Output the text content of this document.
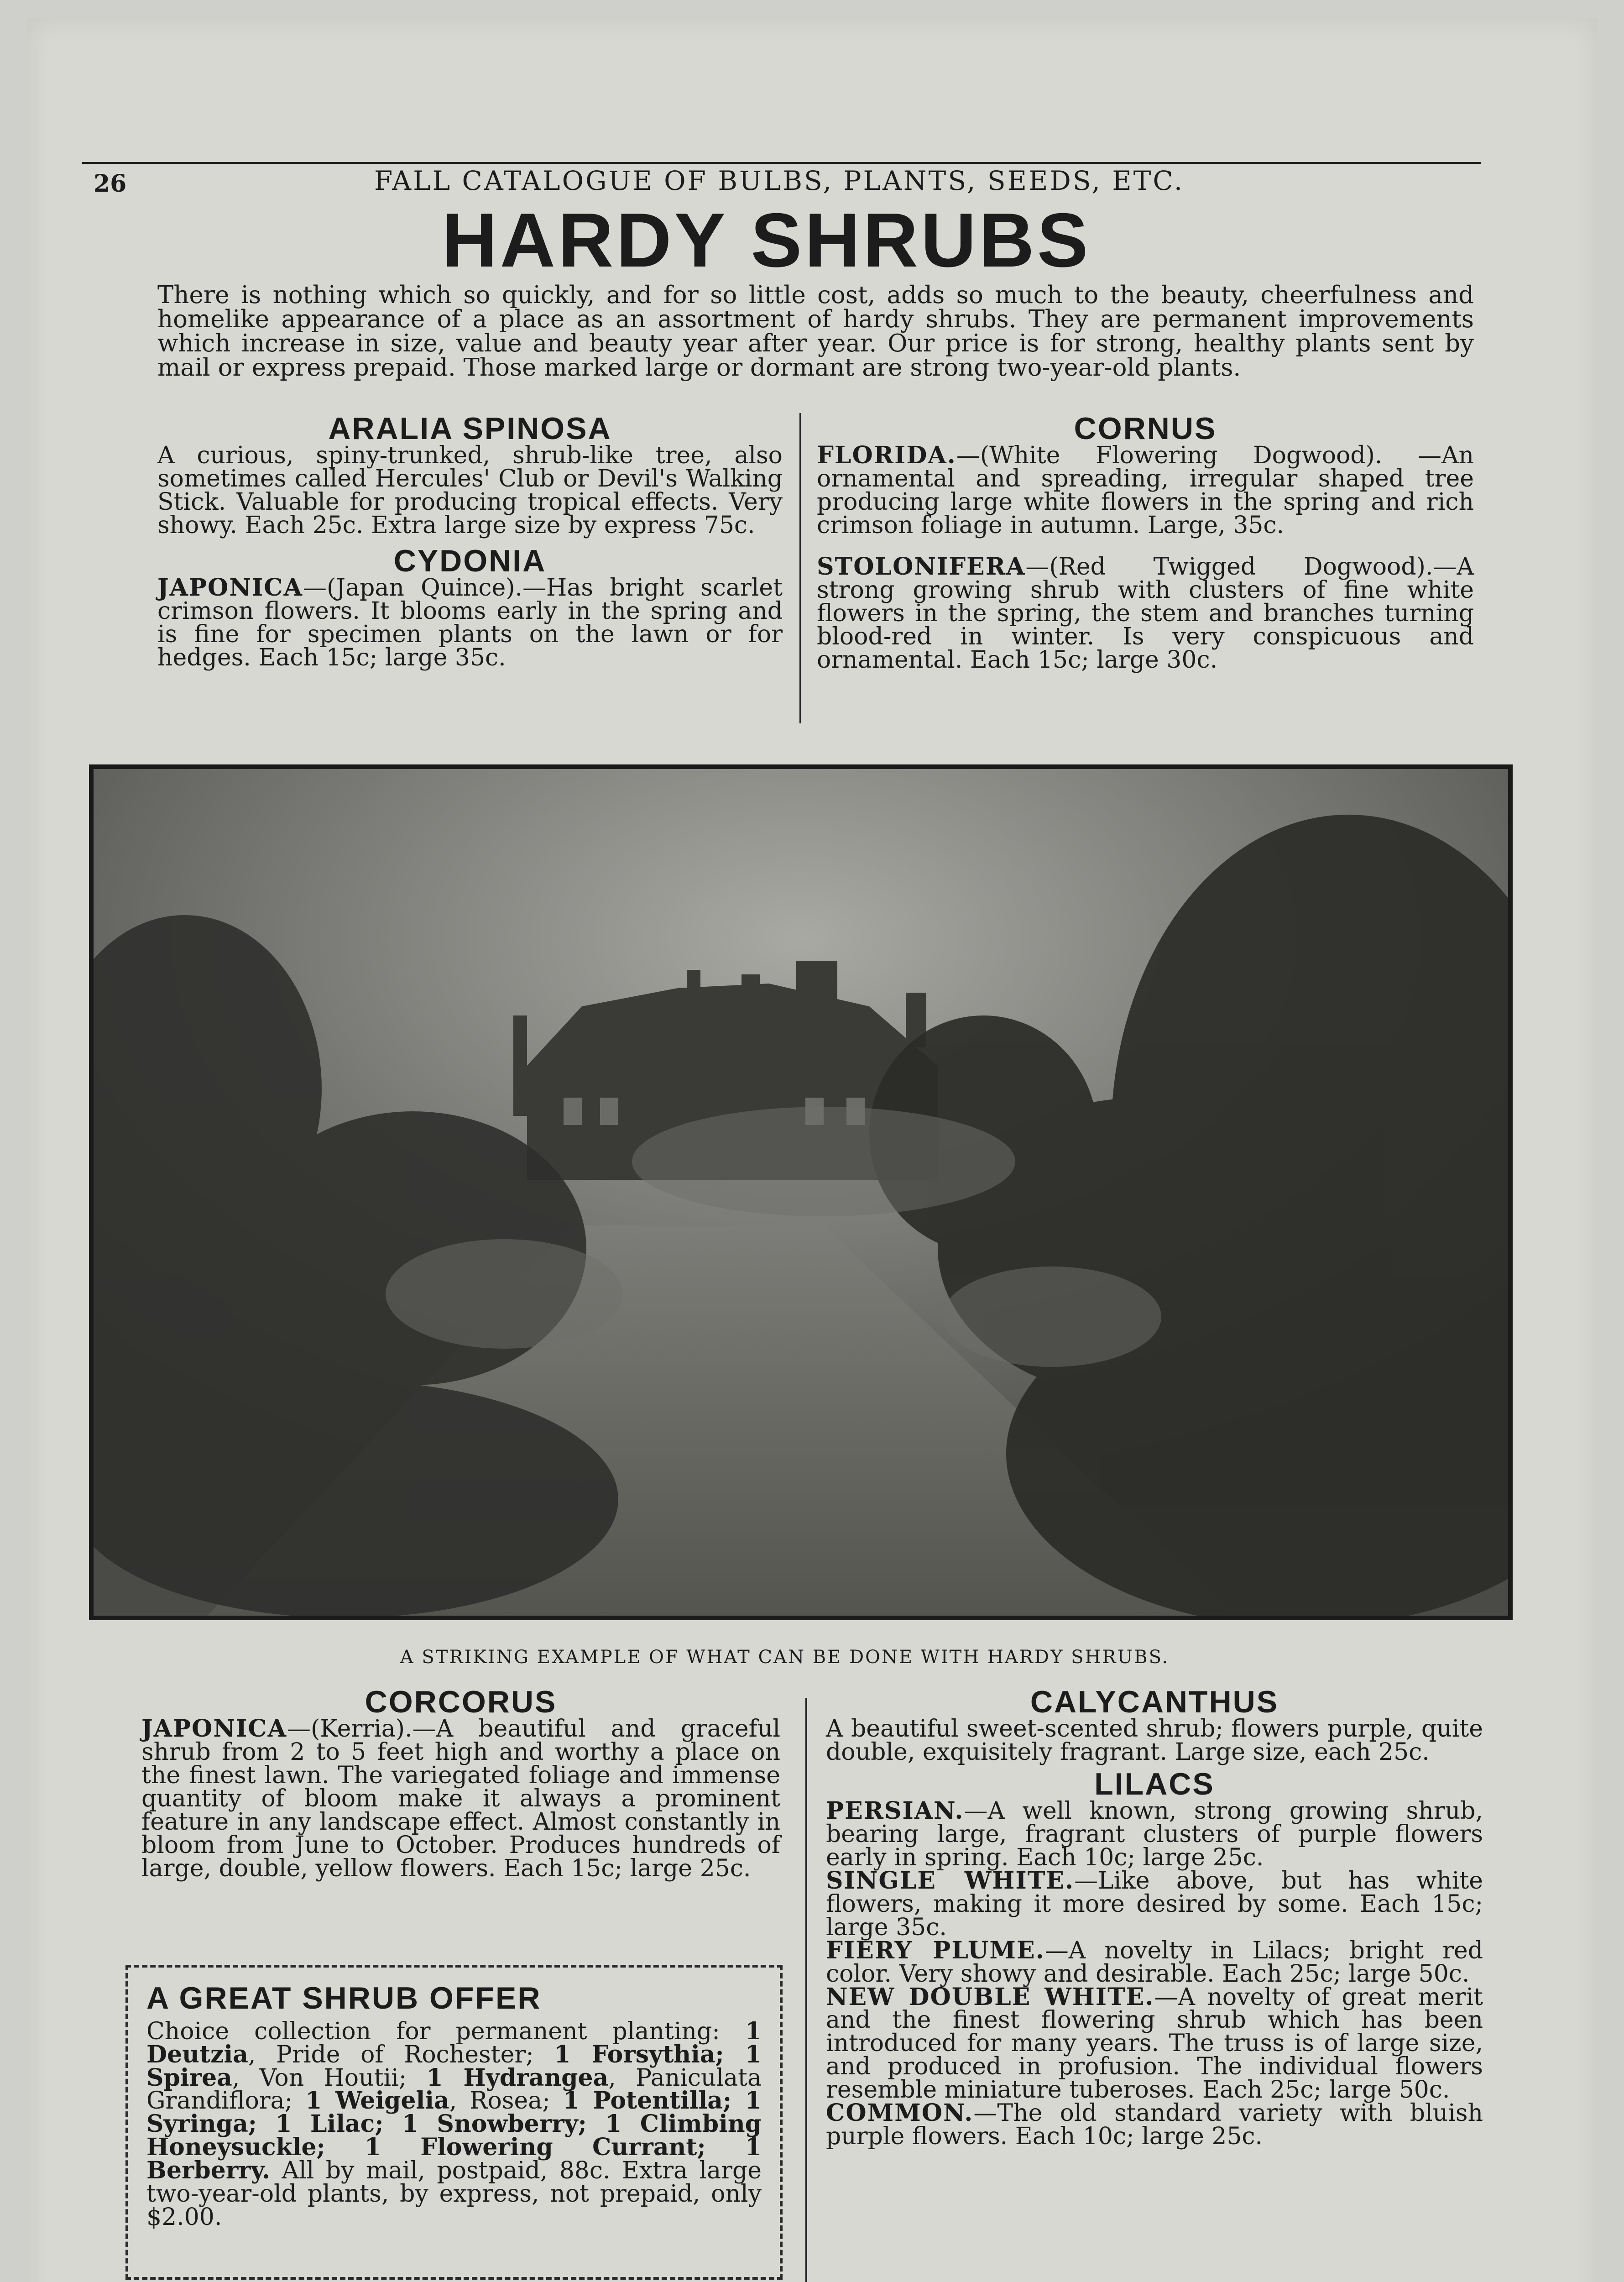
26	FALL CATALOGUE OF BULBS, PLANTS, SEEDS, ETC.
HARDY SHRUBS
There is nothing which so quickly, and for so little cost, adds so much to the beauty, cheerfulness and homelike appearance of a place as an assortment of hardy shrubs. They are permanent improvements which increase in size, value and beauty year after year. Our price is for strong, healthy plants sent by mail or express prepaid. Those marked large or dormant are strong two-year-old plants.

ARALIA SPINOSA

A curious, spiny-trunked, shrub-like tree, also sometimes called Hercules' Club or Devil's Walking Stick. Valuable for producing tropical effects. Very showy. Each 25c. Extra large size by express 75c.

CYDONIA

JAPONICA—(Japan Quince).—Has bright scarlet crimson flowers. It blooms early in the spring and is fine for specimen plants on the lawn or for hedges. Each 15c; large 35c.

CORNUS

FLORIDA.—(White Flowering Dogwood). —An ornamental and spreading, irregular shaped tree producing large white flowers in the spring and rich crimson foliage in autumn. Large, 35c.

STOLONIFERA—(Red Twigged Dogwood).—A strong growing shrub with clusters of fine white flowers in the spring, the stem and branches turning blood-red in winter. Is very conspicuous and ornamental. Each 15c; large 30c.

A STRIKING EXAMPLE OF WHAT CAN BE DONE WITH HARDY SHRUBS.

CORCORUS

JAPONICA—(Kerria).—A beautiful and graceful shrub from 2 to 5 feet high and worthy a place on the finest lawn. The variegated foliage and immense quantity of bloom make it always a prominent feature in any landscape effect. Almost constantly in bloom from June to October. Produces hundreds of large, double, yellow flowers. Each 15c; large 25c.

A GREAT SHRUB OFFER

Choice collection for permanent planting: 1 Deutzia, Pride of Rochester; 1 Forsythia; 1 Spirea, Von Houtii; 1 Hydrangea, Paniculata Grandiflora; 1 Weigelia, Rosea; 1 Potentilla; 1 Syringa; 1 Lilac; 1 Snowberry; 1 Climbing Honeysuckle; 1 Flowering Currant; 1 Berberry. All by mail, postpaid, 88c. Extra large two-year-old plants, by express, not prepaid, only $2.00.

CALYCANTHUS

A beautiful sweet-scented shrub; flowers purple, quite double, exquisitely fragrant. Large size, each 25c.

LILACS

PERSIAN.—A well known, strong growing shrub, bearing large, fragrant clusters of purple flowers early in spring. Each 10c; large 25c.

SINGLE WHITE.—Like above, but has white flowers, making it more desired by some. Each 15c; large 35c.

FIERY PLUME.—A novelty in Lilacs; bright red color. Very showy and desirable. Each 25c; large 50c.

NEW DOUBLE WHITE.—A novelty of great merit and the finest flowering shrub which has been introduced for many years. The truss is of large size, and produced in profusion. The individual flowers resemble miniature tuberoses. Each 25c; large 50c.

COMMON.—The old standard variety with bluish purple flowers. Each 10c; large 25c.
